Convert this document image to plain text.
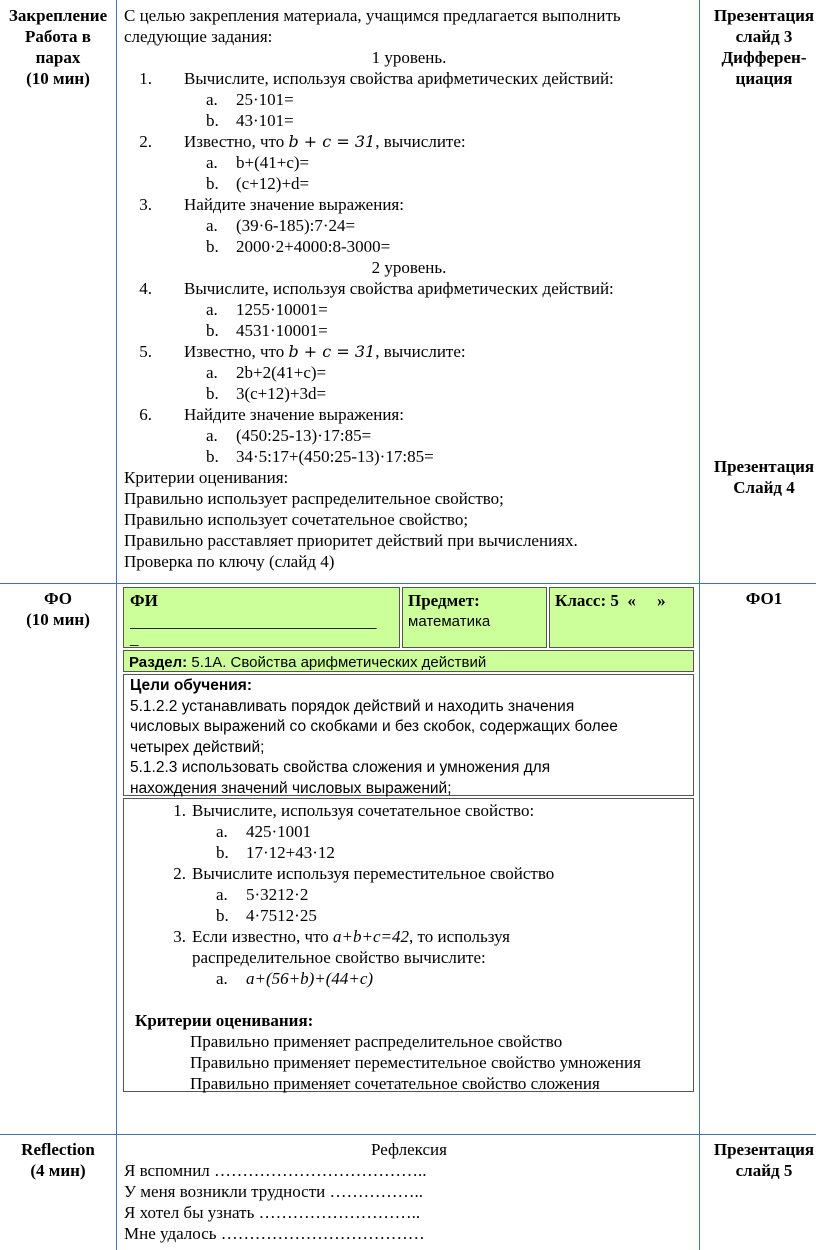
Закрепление
Работа в
парах
(10 мин)
Презентация
слайд 3
Дифферен-
циация
Презентация
Слайд 4
С целью закрепления материала, учащимся предлагается выполнить
следующие задания:
1 уровень.
1. Вычислите, используя свойства арифметических действий:
a. 25·101=
b. 43·101=
2. Известно, что b + c = 31, вычислите:
a. b+(41+c)=
b. (c+12)+d=
3. Найдите значение выражения:
a. (39·6-185):7·24=
b. 2000·2+4000:8-3000=
2 уровень.
4. Вычислите, используя свойства арифметических действий:
a. 1255·10001=
b. 4531·10001=
5. Известно, что b + c = 31, вычислите:
a. 2b+2(41+c)=
b. 3(c+12)+3d=
6. Найдите значение выражения:
a. (450:25-13)·17:85=
b. 34·5:17+(450:25-13)·17:85=
Критерии оценивания:
Правильно использует распределительное свойство;
Правильно использует сочетательное свойство;
Правильно расставляет приоритет действий при вычислениях.
Проверка по ключу (слайд 4)
ФО
(10 мин)
ФО1
ФИ
_____________________________
_
Предмет:
математика
Класс: 5  «     »
Раздел: 5.1А. Свойства арифметических действий
Цели обучения:
5.1.2.2 устанавливать порядок действий и находить значения
числовых выражений со скобками и без скобок, содержащих более
четырех действий;
5.1.2.3 использовать свойства сложения и умножения для
нахождения значений числовых выражений;
1. Вычислите, используя сочетательное свойство:
a. 425·1001
b. 17·12+43·12
2. Вычислите используя переместительное свойство
a. 5·3212·2
b. 4·7512·25
3. Если известно, что a+b+c=42, то используя
распределительное свойство вычислите:
a. a+(56+b)+(44+c)
Критерии оценивания:
Правильно применяет распределительное свойство
Правильно применяет переместительное свойство умножения
Правильно применяет сочетательное свойство сложения
Reflection
(4 мин)
Презентация
слайд 5
Рефлексия
Я вспомнил ………………………………..
У меня возникли трудности ……………..
Я хотел бы узнать ………………………..
Мне удалось ………………………………
